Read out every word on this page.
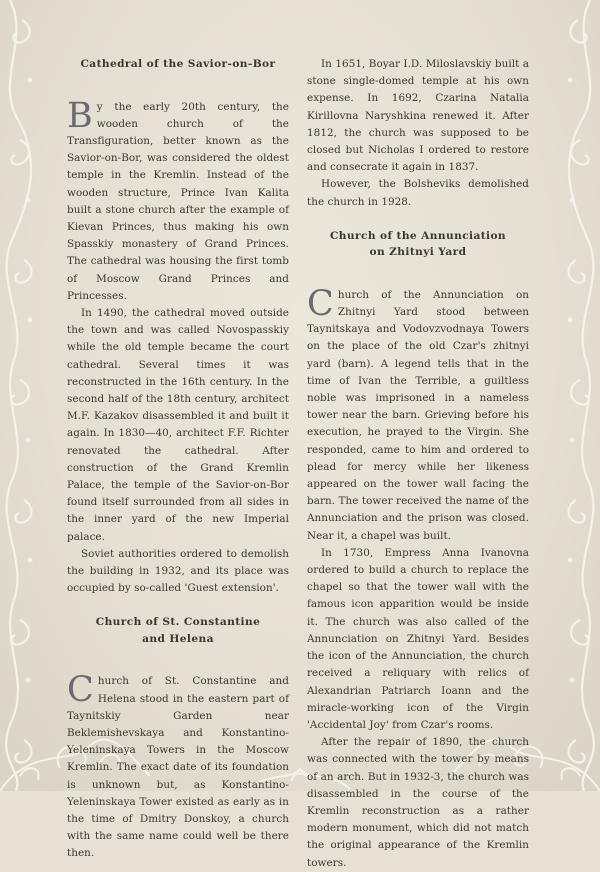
Cathedral of the Savior-on-Bor

By the early 20th century, the wooden church of the Transfiguration, better known as the Savior-on-Bor, was considered the oldest temple in the Kremlin. Instead of the wooden structure, Prince Ivan Kalita built a stone church after the example of Kievan Princes, thus making his own Spasskiy monastery of Grand Princes. The cathedral was housing the first tomb of Moscow Grand Princes and Princesses.

In 1490, the cathedral moved outside the town and was called Novospasskiy while the old temple became the court cathedral. Several times it was reconstructed in the 16th century. In the second half of the 18th century, architect M.F. Kazakov disassembled it and built it again. In 1830—40, architect F.F. Richter renovated the cathedral. After construction of the Grand Kremlin Palace, the temple of the Savior-on-Bor found itself surrounded from all sides in the inner yard of the new Imperial palace.

Soviet authorities ordered to demolish the building in 1932, and its place was occupied by so-called 'Guest extension'.

Church of St. Constantine
and Helena

Church of St. Constantine and Helena stood in the eastern part of Taynitskiy Garden near Beklemishevskaya and Konstantino-Yeleninskaya Towers in the Moscow Kremlin. The exact date of its foundation is unknown but, as Konstantino-Yeleninskaya Tower existed as early as in the time of Dmitry Donskoy, a church with the same name could well be there then.

In 1651, Boyar I.D. Miloslavskiy built a stone single-domed temple at his own expense. In 1692, Czarina Natalia Kirillovna Naryshkina renewed it. After 1812, the church was supposed to be closed but Nicholas I ordered to restore and consecrate it again in 1837.

However, the Bolsheviks demolished the church in 1928.

Church of the Annunciation
on Zhitnyi Yard

Church of the Annunciation on Zhitnyi Yard stood between Taynitskaya and Vodovzvodnaya Towers on the place of the old Czar's zhitnyi yard (barn). A legend tells that in the time of Ivan the Terrible, a guiltless noble was imprisoned in a nameless tower near the barn. Grieving before his execution, he prayed to the Virgin. She responded, came to him and ordered to plead for mercy while her likeness appeared on the tower wall facing the barn. The tower received the name of the Annunciation and the prison was closed. Near it, a chapel was built.

In 1730, Empress Anna Ivanovna ordered to build a church to replace the chapel so that the tower wall with the famous icon apparition would be inside it. The church was also called of the Annunciation on Zhitnyi Yard. Besides the icon of the Annunciation, the church received a reliquary with relics of Alexandrian Patriarch Ioann and the miracle-working icon of the Virgin 'Accidental Joy' from Czar's rooms.

After the repair of 1890, the church was connected with the tower by means of an arch. But in 1932-3, the church was disassembled in the course of the Kremlin reconstruction as a rather modern monument, which did not match the original appearance of the Kremlin towers.
